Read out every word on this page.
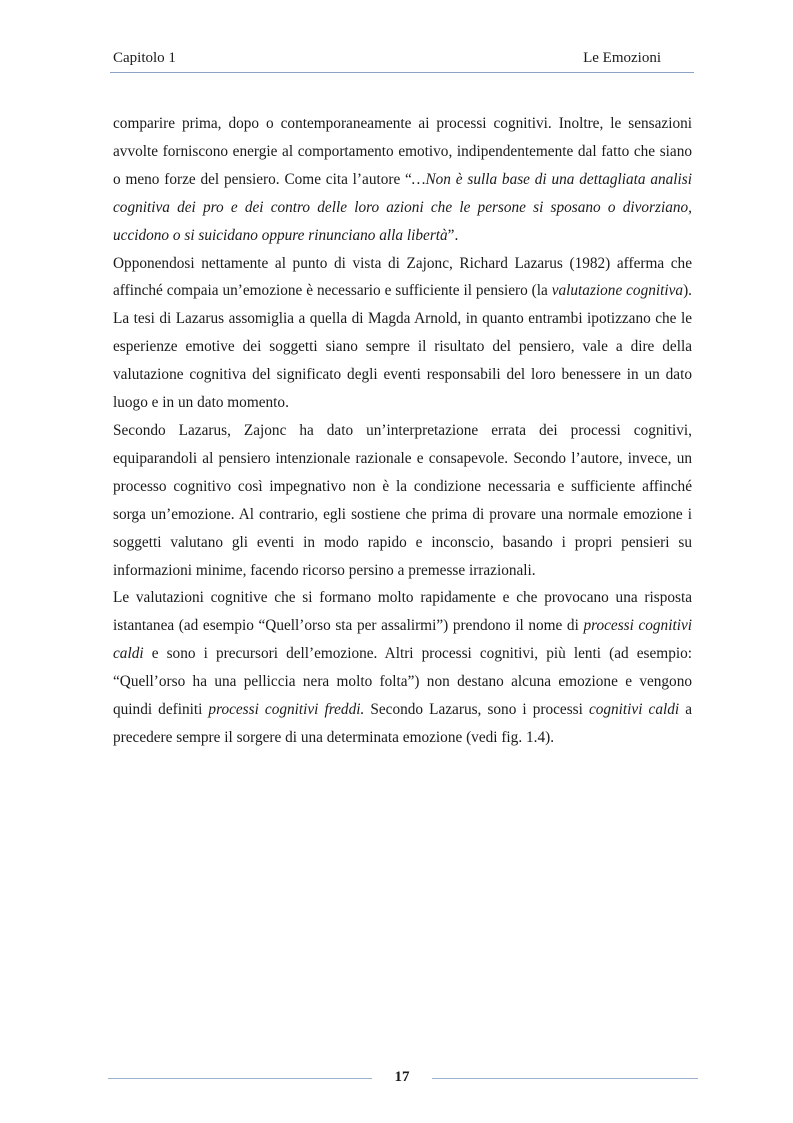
Capitolo 1	Le Emozioni

comparire prima, dopo o contemporaneamente ai processi cognitivi. Inoltre, le sensazioni avvolte forniscono energie al comportamento emotivo, indipendentemente dal fatto che siano o meno forze del pensiero. Come cita l’autore “…Non è sulla base di una dettagliata analisi cognitiva dei pro e dei contro delle loro azioni che le persone si sposano o divorziano, uccidono o si suicidano oppure rinunciano alla libertà”.

Opponendosi nettamente al punto di vista di Zajonc, Richard Lazarus (1982) afferma che affinché compaia un’emozione è necessario e sufficiente il pensiero (la valutazione cognitiva). La tesi di Lazarus assomiglia a quella di Magda Arnold, in quanto entrambi ipotizzano che le esperienze emotive dei soggetti siano sempre il risultato del pensiero, vale a dire della valutazione cognitiva del significato degli eventi responsabili del loro benessere in un dato luogo e in un dato momento.

Secondo Lazarus, Zajonc ha dato un’interpretazione errata dei processi cognitivi, equiparandoli al pensiero intenzionale razionale e consapevole. Secondo l’autore, invece, un processo cognitivo così impegnativo non è la condizione necessaria e sufficiente affinché sorga un’emozione. Al contrario, egli sostiene che prima di provare una normale emozione i soggetti valutano gli eventi in modo rapido e inconscio, basando i propri pensieri su informazioni minime, facendo ricorso persino a premesse irrazionali.

Le valutazioni cognitive che si formano molto rapidamente e che provocano una risposta istantanea (ad esempio “Quell’orso sta per assalirmi”) prendono il nome di processi cognitivi caldi e sono i precursori dell’emozione. Altri processi cognitivi, più lenti (ad esempio: “Quell’orso ha una pelliccia nera molto folta”) non destano alcuna emozione e vengono quindi definiti processi cognitivi freddi. Secondo Lazarus, sono i processi cognitivi caldi a precedere sempre il sorgere di una determinata emozione (vedi fig. 1.4).

17
